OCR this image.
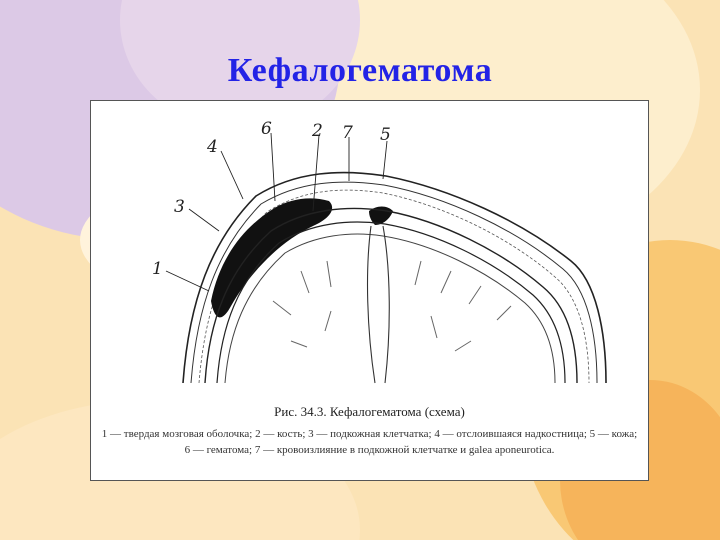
Кефалогематома
1
3
4
6 2 7 5

Рис. 34.3. Кефалогематома (схема)

1 — твердая мозговая оболочка; 2 — кость; 3 — подкожная клетчатка; 4 — отслоившаяся надкостница; 5 — кожа; 6 — гематома; 7 — кровоизлияние в подкожной клетчатке и galea aponeurotica.
